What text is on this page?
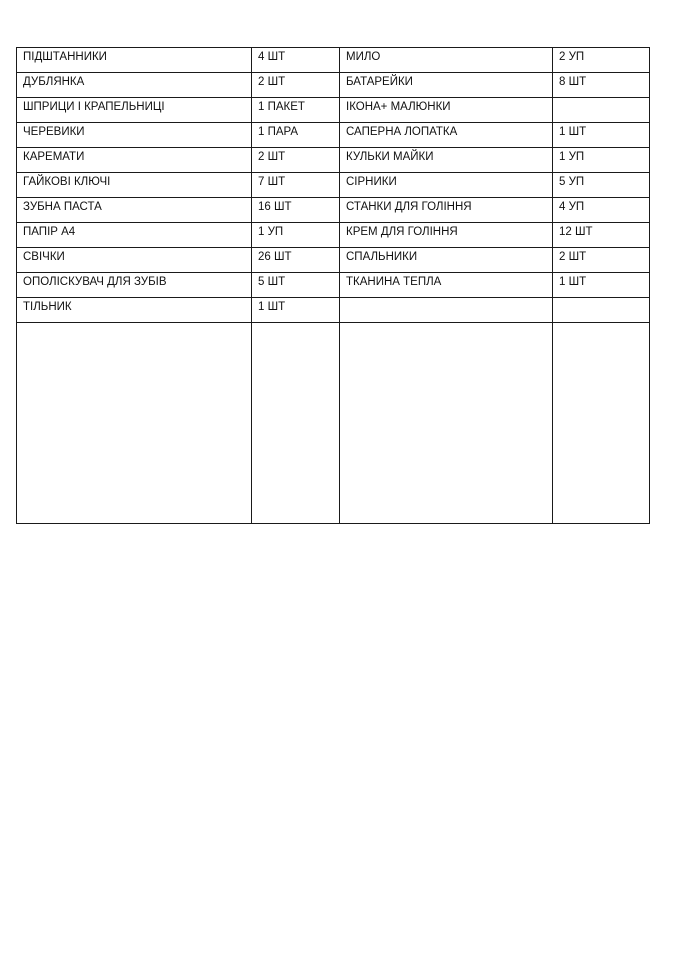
ПІДШТАННИКИ	4 ШТ	МИЛО	2 УП
ДУБЛЯНКА	2 ШТ	БАТАРЕЙКИ	8 ШТ
ШПРИЦИ І КРАПЕЛЬНИЦІ	1 ПАКЕТ	ІКОНА+ МАЛЮНКИ	
ЧЕРЕВИКИ	1 ПАРА	САПЕРНА ЛОПАТКА	1 ШТ
КАРЕМАТИ	2 ШТ	КУЛЬКИ МАЙКИ	1 УП
ГАЙКОВІ КЛЮЧІ	7 ШТ	СІРНИКИ	5 УП
ЗУБНА ПАСТА	16 ШТ	СТАНКИ ДЛЯ ГОЛІННЯ	4 УП
ПАПІР А4	1 УП	КРЕМ ДЛЯ ГОЛІННЯ	12 ШТ
СВІЧКИ	26 ШТ	СПАЛЬНИКИ	2 ШТ
ОПОЛІСКУВАЧ ДЛЯ ЗУБІВ	5 ШТ	ТКАНИНА ТЕПЛА	1 ШТ
ТІЛЬНИК	1 ШТ		
